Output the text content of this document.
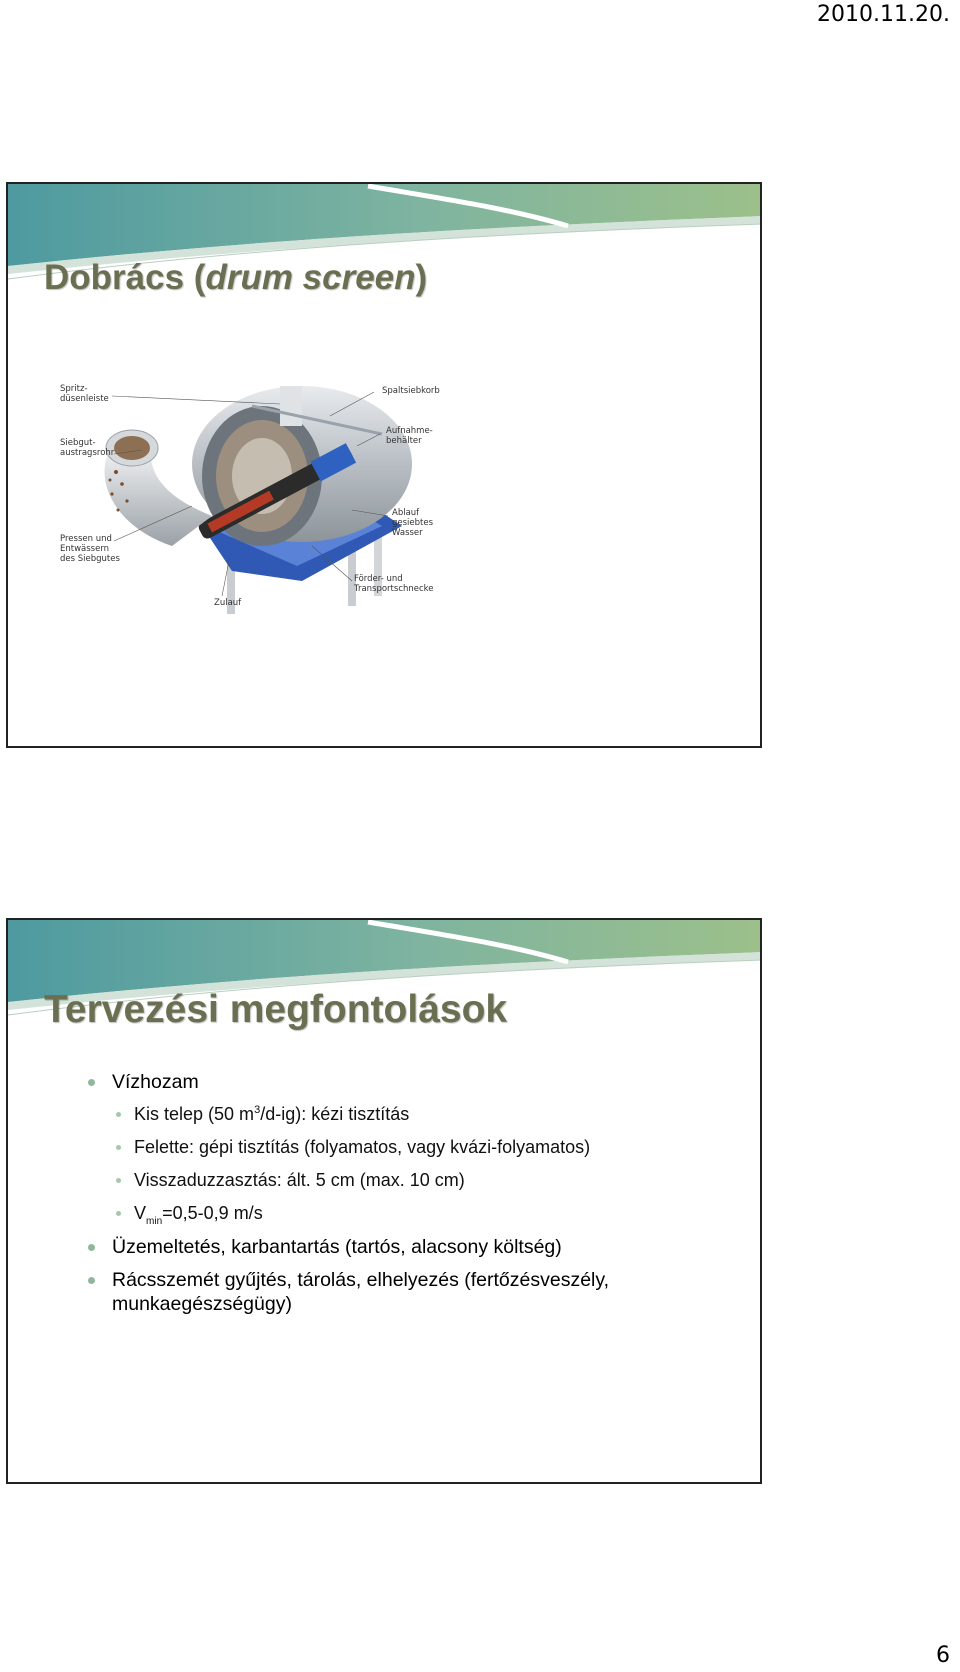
2010.11.20.
Dobrács (drum screen)
Spritz-
düsenleiste
Spaltsiebkorb
Siebgut-
austragsrohr
Aufnahme-
behälter
Ablauf
gesiebtes
Wasser
Pressen und
Entwässern
des Siebgutes
Zulauf
Förder- und
Transportschnecke
Tervezési megfontolások
Vízhozam
Kis telep (50 $m^3/d-ig$): kézi tisztítás
Felette: gépi tisztítás (folyamatos, vagy kvázi-folyamatos)
Visszaduzzasztás: ált. 5 cm (max. 10 cm)
$V_{min}=0,5-0,9$ m/s
Üzemeltetés, karbantartás (tartós, alacsony költség)
Rácsszemét gyűjtés, tárolás, elhelyezés (fertőzésveszély, munkaegészségügy)
6
